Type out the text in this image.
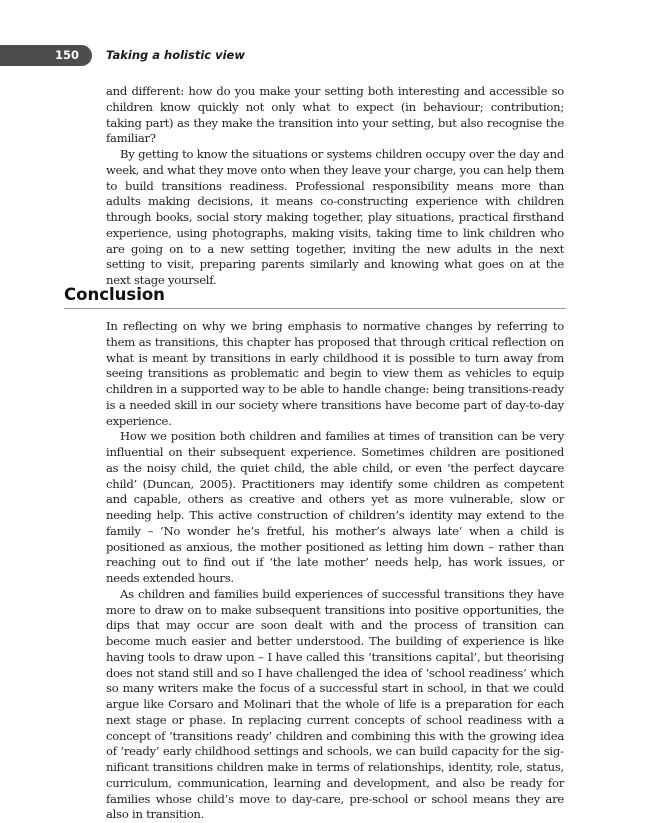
150	Taking a holistic view

and different: how do you make your setting both interesting and accessible so children know quickly not only what to expect (in behaviour; contribution; taking part) as they make the transition into your setting, but also recognise the familiar?

By getting to know the situations or systems children occupy over the day and week, and what they move onto when they leave your charge, you can help them to build transitions readiness. Professional responsibility means more than adults making decisions, it means co-constructing experience with children through books, social story making together, play situations, practical firsthand experience, using photographs, making visits, taking time to link children who are going on to a new setting together, inviting the new adults in the next setting to visit, preparing parents similarly and knowing what goes on at the next stage yourself.

Conclusion

In reflecting on why we bring emphasis to normative changes by referring to them as transitions, this chapter has proposed that through critical reflection on what is meant by transitions in early childhood it is possible to turn away from seeing transitions as problematic and begin to view them as vehicles to equip children in a supported way to be able to handle change: being transitions-ready is a needed skill in our society where transitions have become part of day-to-day experience.

How we position both children and families at times of transition can be very influential on their subsequent experience. Sometimes children are positioned as the noisy child, the quiet child, the able child, or even ‘the perfect daycare child’ (Duncan, 2005). Practitioners may identify some children as competent and capable, others as creative and others yet as more vulnerable, slow or needing help. This active construction of children’s identity may extend to the family – ‘No wonder he’s fretful, his mother’s always late’ when a child is positioned as anxious, the mother positioned as letting him down – rather than reaching out to find out if ‘the late mother’ needs help, has work issues, or needs extended hours.

As children and families build experiences of successful transitions they have more to draw on to make subsequent transitions into positive opportunities, the dips that may occur are soon dealt with and the process of transition can become much easier and better understood. The building of experience is like having tools to draw upon – I have called this ‘transitions capital’, but theorising does not stand still and so I have challenged the idea of ‘school readiness’ which so many writers make the focus of a successful start in school, in that we could argue like Corsaro and Molinari that the whole of life is a preparation for each next stage or phase. In replacing current concepts of school readiness with a concept of ‘transitions ready’ children and combining this with the growing idea of ‘ready’ early childhood settings and schools, we can build capacity for the significant transitions children make in terms of relationships, identity, role, status, curriculum, communication, learning and development, and also be ready for families whose child’s move to day-care, pre-school or school means they are also in transition.
